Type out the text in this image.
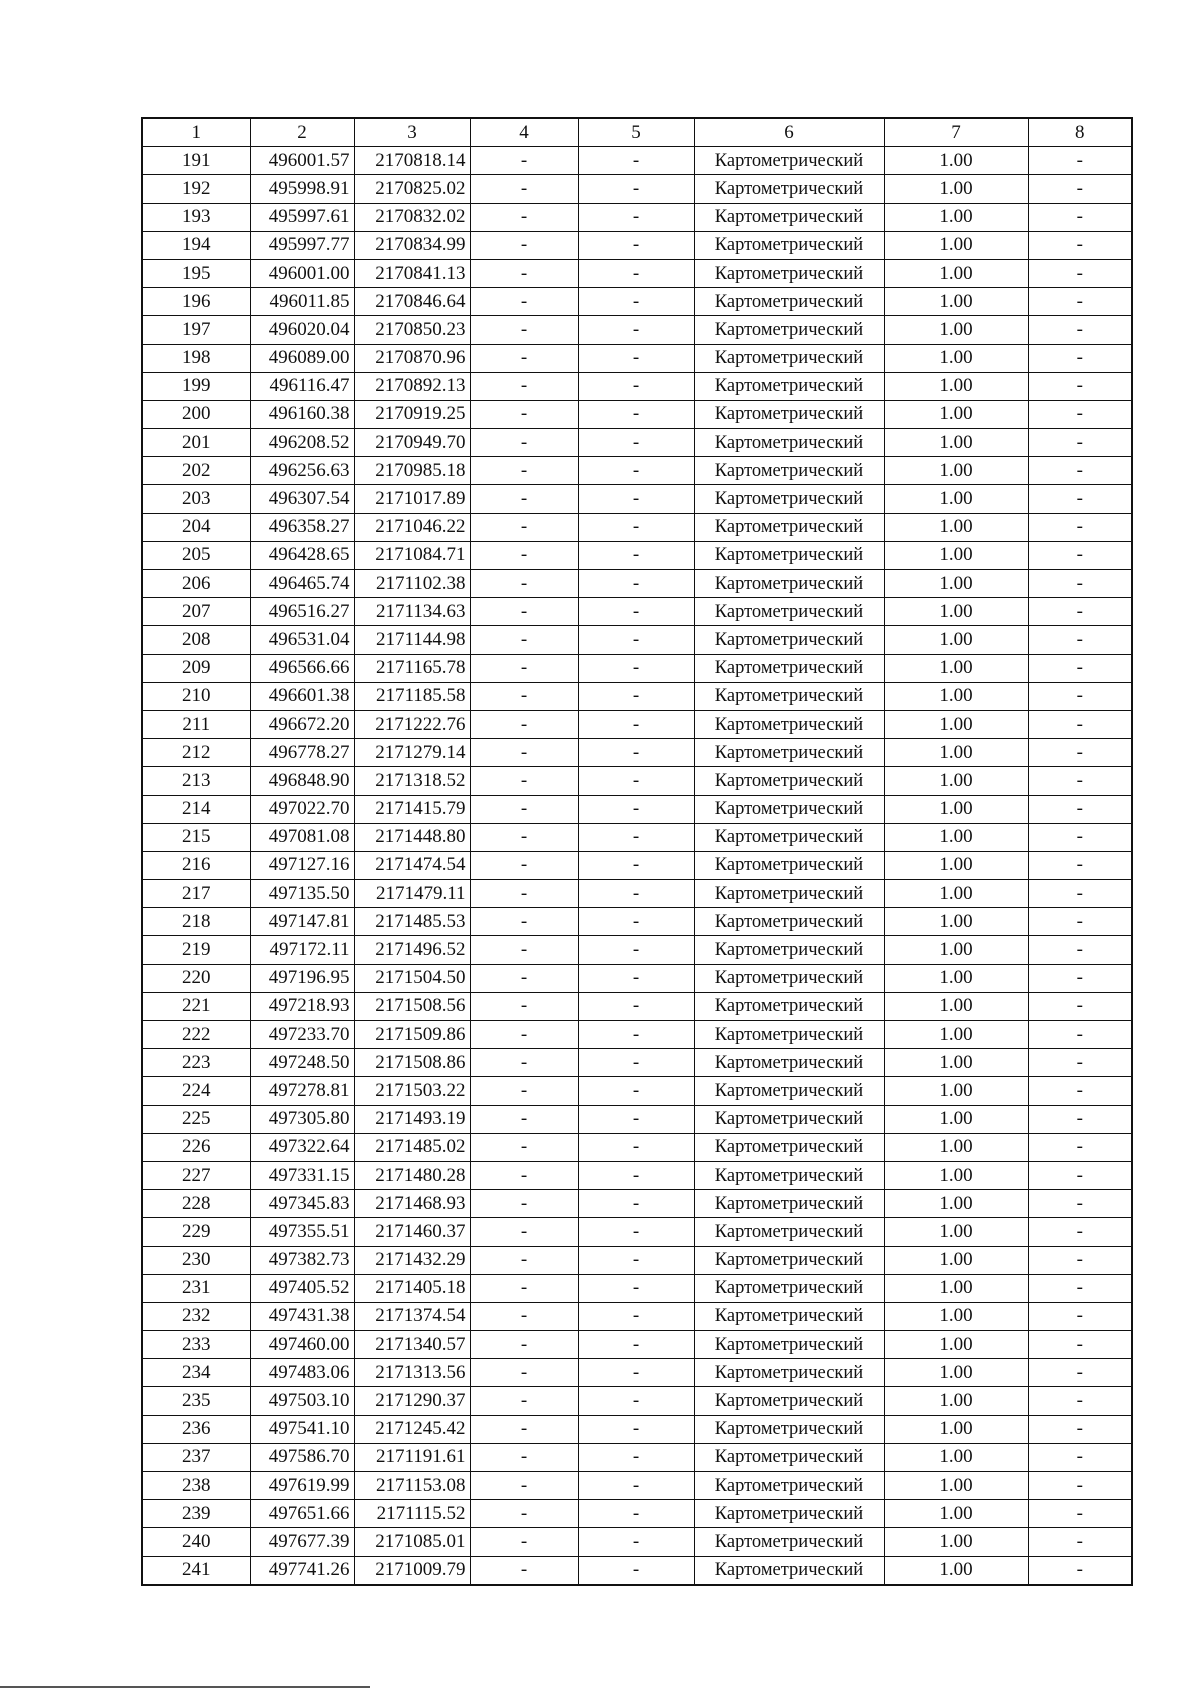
1	2	3	4	5	6	7	8
191	496001.57	2170818.14	-	-	Картометрический	1.00	-
192	495998.91	2170825.02	-	-	Картометрический	1.00	-
193	495997.61	2170832.02	-	-	Картометрический	1.00	-
194	495997.77	2170834.99	-	-	Картометрический	1.00	-
195	496001.00	2170841.13	-	-	Картометрический	1.00	-
196	496011.85	2170846.64	-	-	Картометрический	1.00	-
197	496020.04	2170850.23	-	-	Картометрический	1.00	-
198	496089.00	2170870.96	-	-	Картометрический	1.00	-
199	496116.47	2170892.13	-	-	Картометрический	1.00	-
200	496160.38	2170919.25	-	-	Картометрический	1.00	-
201	496208.52	2170949.70	-	-	Картометрический	1.00	-
202	496256.63	2170985.18	-	-	Картометрический	1.00	-
203	496307.54	2171017.89	-	-	Картометрический	1.00	-
204	496358.27	2171046.22	-	-	Картометрический	1.00	-
205	496428.65	2171084.71	-	-	Картометрический	1.00	-
206	496465.74	2171102.38	-	-	Картометрический	1.00	-
207	496516.27	2171134.63	-	-	Картометрический	1.00	-
208	496531.04	2171144.98	-	-	Картометрический	1.00	-
209	496566.66	2171165.78	-	-	Картометрический	1.00	-
210	496601.38	2171185.58	-	-	Картометрический	1.00	-
211	496672.20	2171222.76	-	-	Картометрический	1.00	-
212	496778.27	2171279.14	-	-	Картометрический	1.00	-
213	496848.90	2171318.52	-	-	Картометрический	1.00	-
214	497022.70	2171415.79	-	-	Картометрический	1.00	-
215	497081.08	2171448.80	-	-	Картометрический	1.00	-
216	497127.16	2171474.54	-	-	Картометрический	1.00	-
217	497135.50	2171479.11	-	-	Картометрический	1.00	-
218	497147.81	2171485.53	-	-	Картометрический	1.00	-
219	497172.11	2171496.52	-	-	Картометрический	1.00	-
220	497196.95	2171504.50	-	-	Картометрический	1.00	-
221	497218.93	2171508.56	-	-	Картометрический	1.00	-
222	497233.70	2171509.86	-	-	Картометрический	1.00	-
223	497248.50	2171508.86	-	-	Картометрический	1.00	-
224	497278.81	2171503.22	-	-	Картометрический	1.00	-
225	497305.80	2171493.19	-	-	Картометрический	1.00	-
226	497322.64	2171485.02	-	-	Картометрический	1.00	-
227	497331.15	2171480.28	-	-	Картометрический	1.00	-
228	497345.83	2171468.93	-	-	Картометрический	1.00	-
229	497355.51	2171460.37	-	-	Картометрический	1.00	-
230	497382.73	2171432.29	-	-	Картометрический	1.00	-
231	497405.52	2171405.18	-	-	Картометрический	1.00	-
232	497431.38	2171374.54	-	-	Картометрический	1.00	-
233	497460.00	2171340.57	-	-	Картометрический	1.00	-
234	497483.06	2171313.56	-	-	Картометрический	1.00	-
235	497503.10	2171290.37	-	-	Картометрический	1.00	-
236	497541.10	2171245.42	-	-	Картометрический	1.00	-
237	497586.70	2171191.61	-	-	Картометрический	1.00	-
238	497619.99	2171153.08	-	-	Картометрический	1.00	-
239	497651.66	2171115.52	-	-	Картометрический	1.00	-
240	497677.39	2171085.01	-	-	Картометрический	1.00	-
241	497741.26	2171009.79	-	-	Картометрический	1.00	-
